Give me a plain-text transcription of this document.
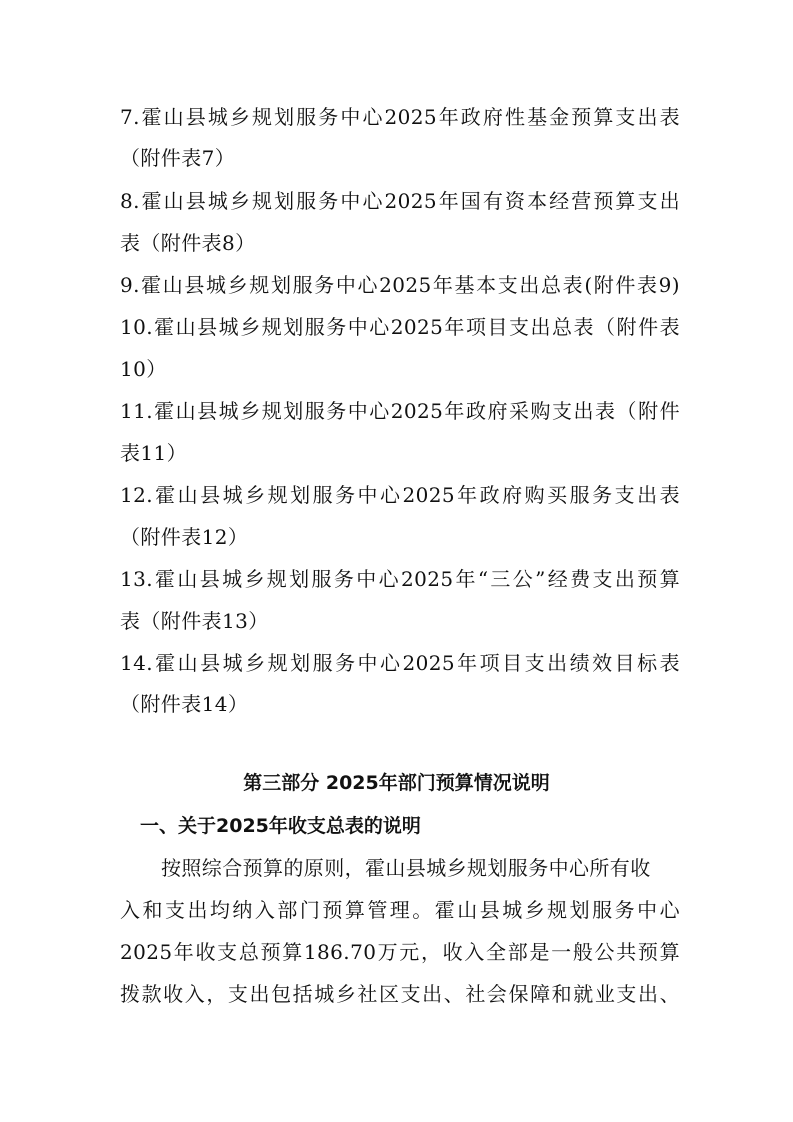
7.霍山县城乡规划服务中心2025年政府性基金预算支出表
（附件表7）
8.霍山县城乡规划服务中心2025年国有资本经营预算支出
表（附件表8）
9.霍山县城乡规划服务中心2025年基本支出总表(附件表9)
10.霍山县城乡规划服务中心2025年项目支出总表（附件表
10）
11.霍山县城乡规划服务中心2025年政府采购支出表（附件
表11）
12.霍山县城乡规划服务中心2025年政府购买服务支出表
（附件表12）
13.霍山县城乡规划服务中心2025年“三公”经费支出预算
表（附件表13）
14.霍山县城乡规划服务中心2025年项目支出绩效目标表
（附件表14）
第三部分 2025年部门预算情况说明
一、关于2025年收支总表的说明
按照综合预算的原则，霍山县城乡规划服务中心所有收
入和支出均纳入部门预算管理。霍山县城乡规划服务中心
2025年收支总预算186.70万元，收入全部是一般公共预算
拨款收入，支出包括城乡社区支出、社会保障和就业支出、
